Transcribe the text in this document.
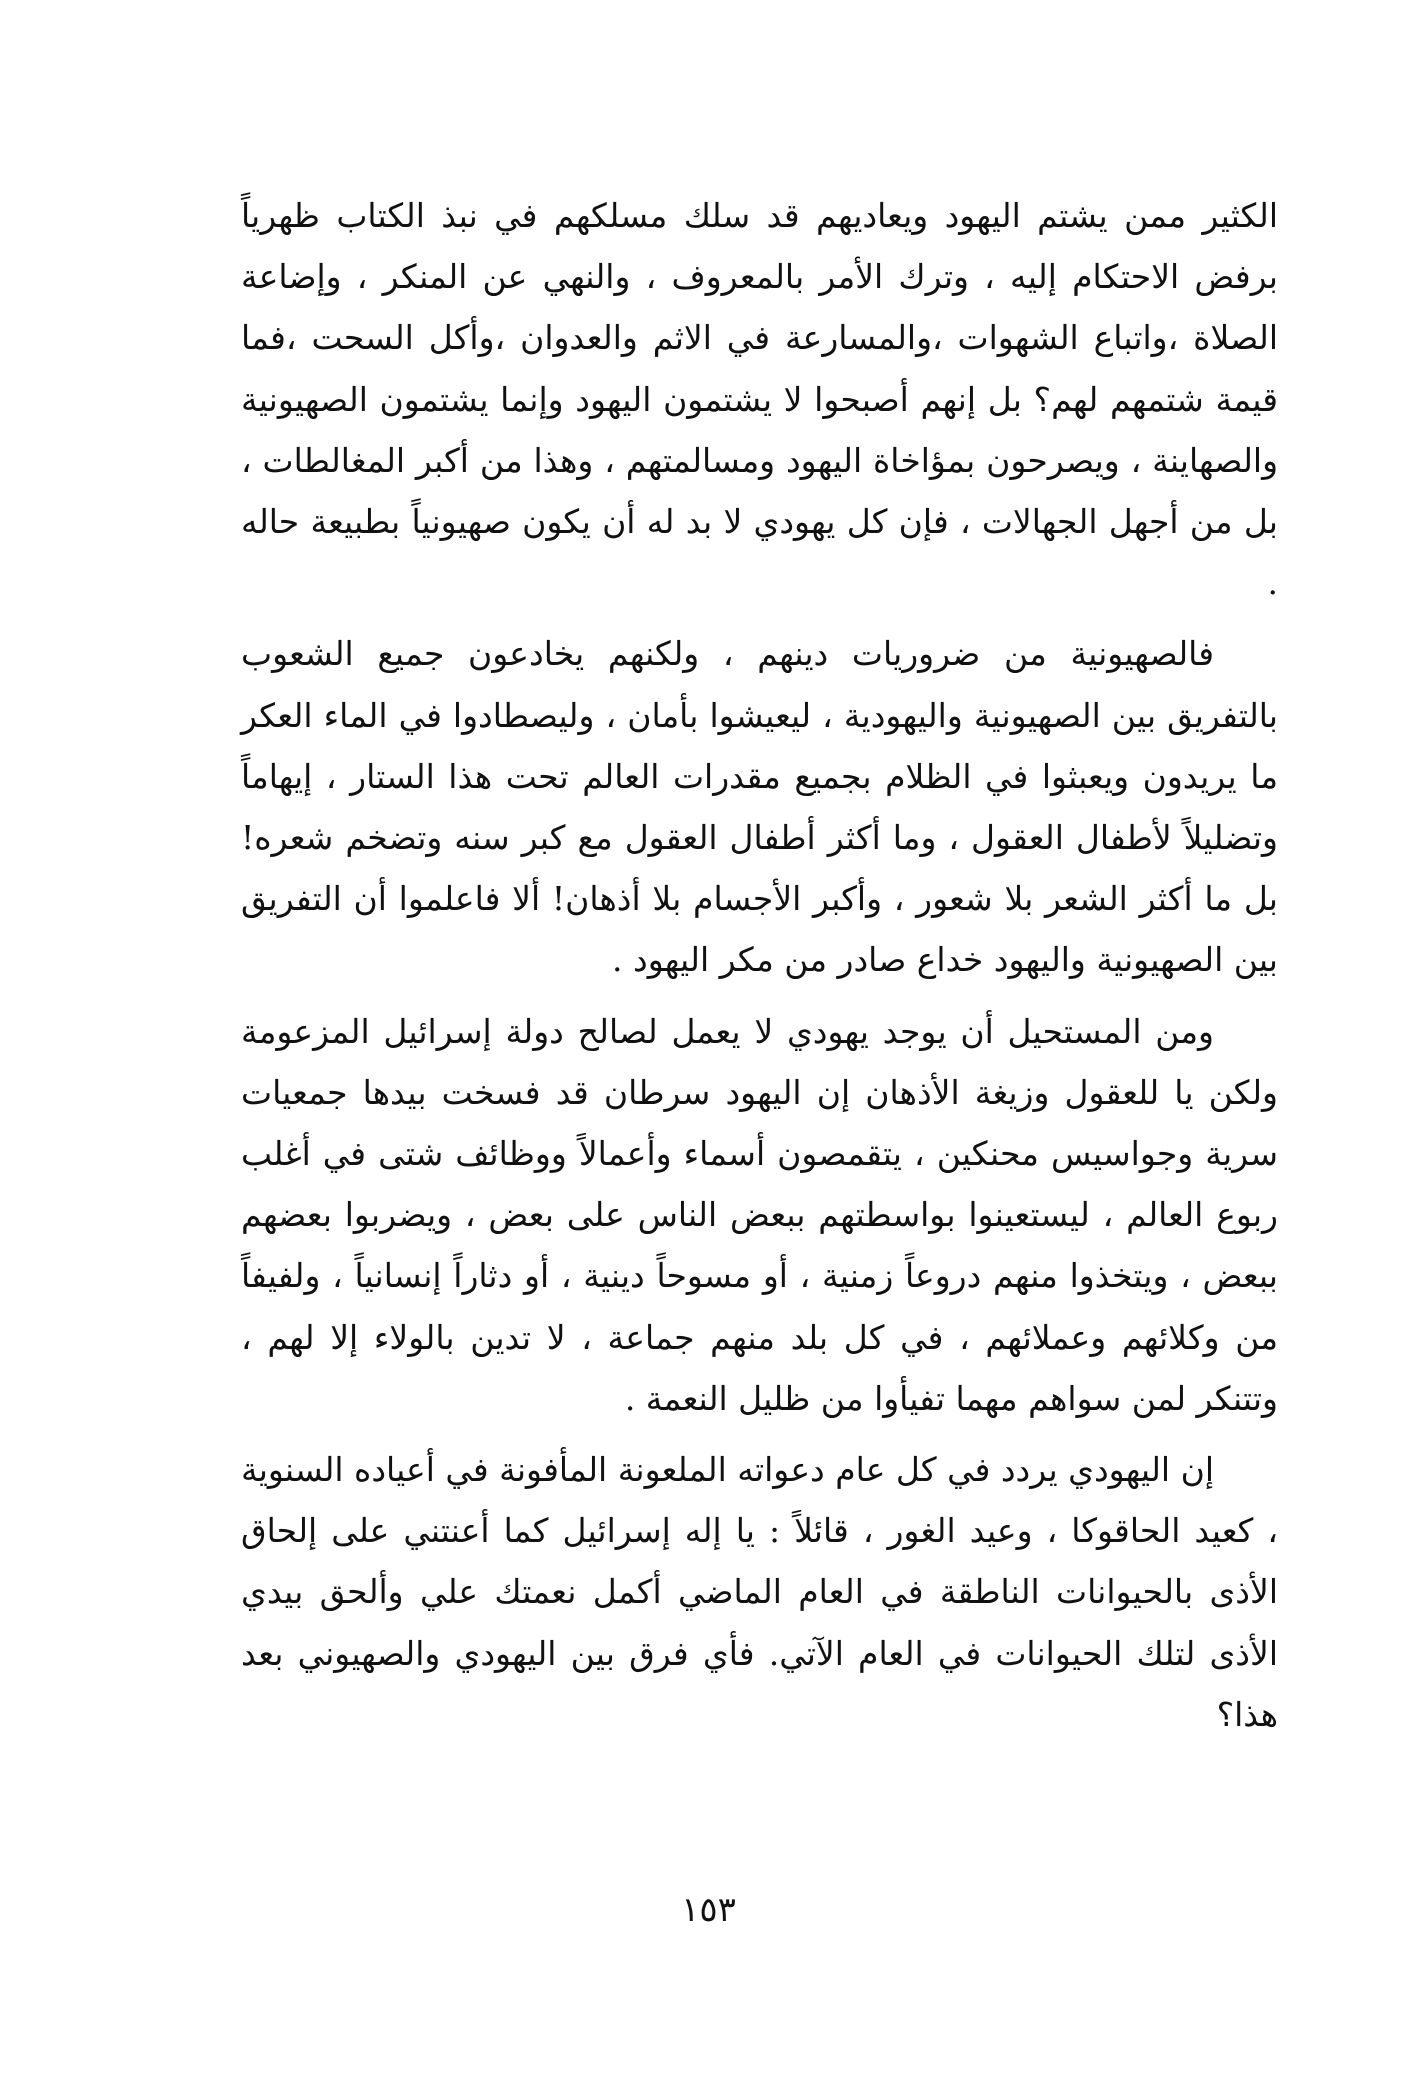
الكثير ممن يشتم اليهود ويعاديهم قد سلك مسلكهم في نبذ الكتاب ظهرياً برفض الاحتكام إليه ، وترك الأمر بالمعروف ، والنهي عن المنكر ، وإضاعة الصلاة ،واتباع الشهوات ،والمسارعة في الاثم والعدوان ،وأكل السحت ،فما قيمة شتمهم لهم؟ بل إنهم أصبحوا لا يشتمون اليهود وإنما يشتمون الصهيونية والصهاينة ، ويصرحون بمؤاخاة اليهود ومسالمتهم ، وهذا من أكبر المغالطات ، بل من أجهل الجهالات ، فإن كل يهودي لا بد له أن يكون صهيونياً بطبيعة حاله .

فالصهيونية من ضروريات دينهم ، ولكنهم يخادعون جميع الشعوب بالتفريق بين الصهيونية واليهودية ، ليعيشوا بأمان ، وليصطادوا في الماء العكر ما يريدون ويعبثوا في الظلام بجميع مقدرات العالم تحت هذا الستار ، إيهاماً وتضليلاً لأطفال العقول ، وما أكثر أطفال العقول مع كبر سنه وتضخم شعره! بل ما أكثر الشعر بلا شعور ، وأكبر الأجسام بلا أذهان! ألا فاعلموا أن التفريق بين الصهيونية واليهود خداع صادر من مكر اليهود .

ومن المستحيل أن يوجد يهودي لا يعمل لصالح دولة إسرائيل المزعومة ولكن يا للعقول وزيغة الأذهان إن اليهود سرطان قد فسخت بيدها جمعيات سرية وجواسيس محنكين ، يتقمصون أسماء وأعمالاً ووظائف شتى في أغلب ربوع العالم ، ليستعينوا بواسطتهم ببعض الناس على بعض ، ويضربوا بعضهم ببعض ، ويتخذوا منهم دروعاً زمنية ، أو مسوحاً دينية ، أو دثاراً إنسانياً ، ولفيفاً من وكلائهم وعملائهم ، في كل بلد منهم جماعة ، لا تدين بالولاء إلا لهم ، وتتنكر لمن سواهم مهما تفيأوا من ظليل النعمة .

إن اليهودي يردد في كل عام دعواته الملعونة المأفونة في أعياده السنوية ، كعيد الحاقوكا ، وعيد الغور ، قائلاً : يا إله إسرائيل كما أعنتني على إلحاق الأذى بالحيوانات الناطقة في العام الماضي أكمل نعمتك علي وألحق بيدي الأذى لتلك الحيوانات في العام الآتي. فأي فرق بين اليهودي والصهيوني بعد هذا؟

١٥٣
